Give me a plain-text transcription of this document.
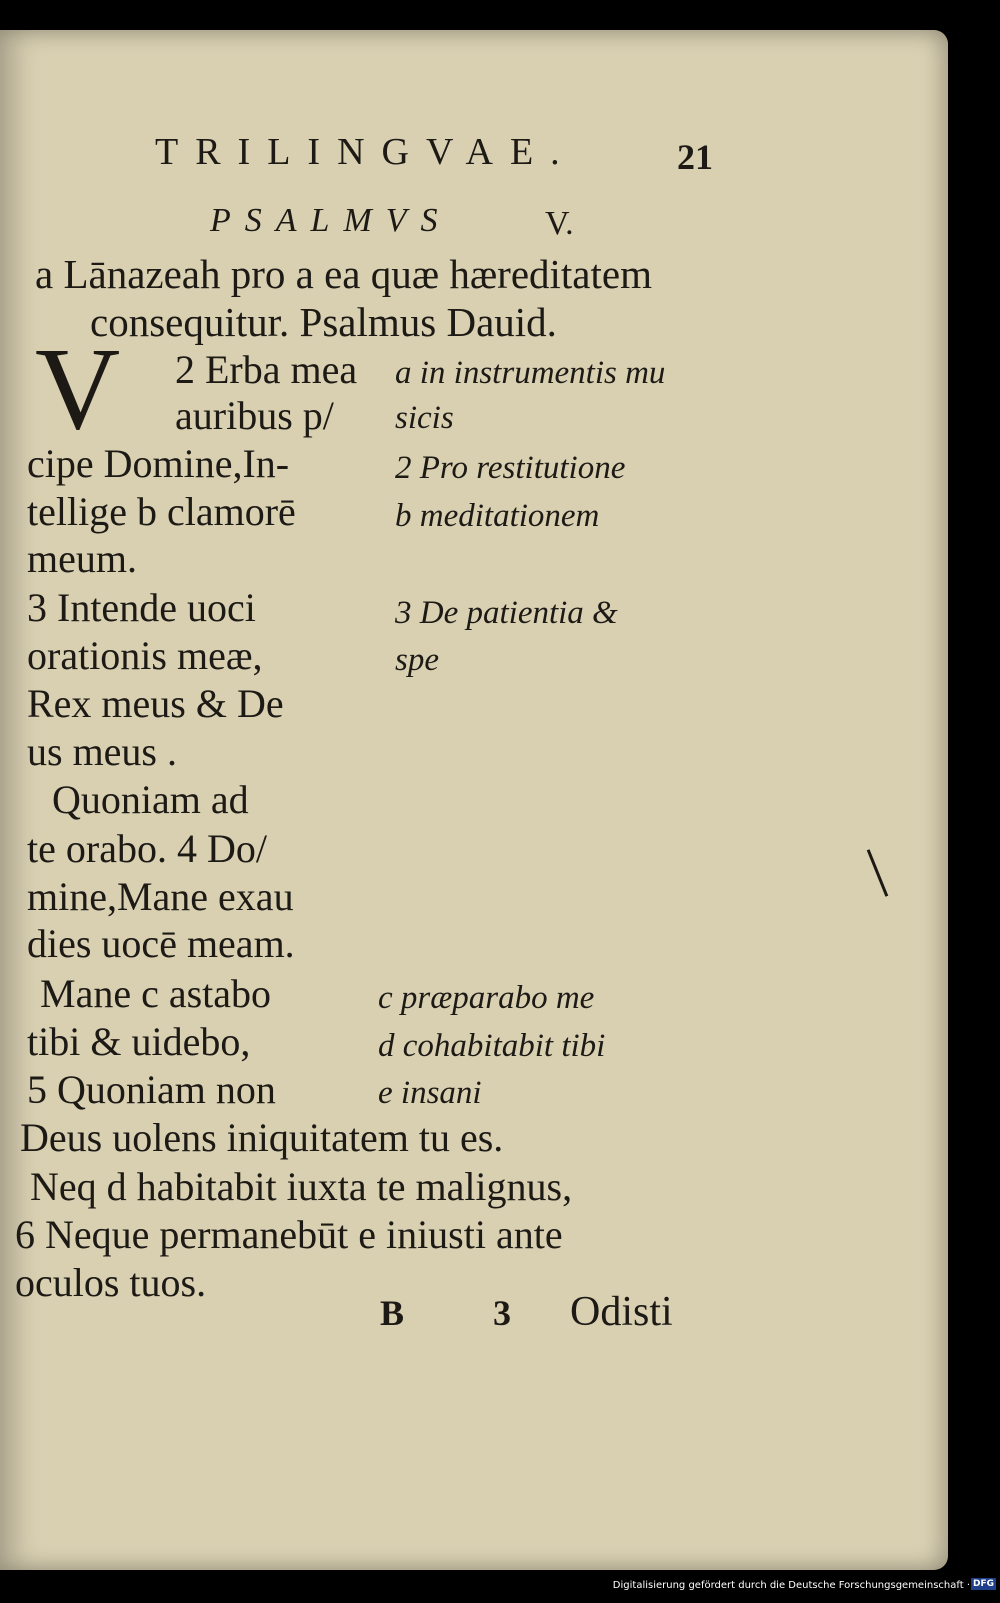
TRILINGVAE.	21

PSALMVS	V.

a Lānazeah pro a ea quæ hæreditatem

consequitur. Psalmus Dauid.

V 2 Erba mea

auribus p/

cipe Domine,In-

tellige b clamorē

meum.

3 Intende uoci

orationis meæ,

Rex meus & De

us meus .

Quoniam ad

te orabo. 4 Do/

mine,Mane exau

dies uocē meam.

Mane c astabo

tibi & uidebo,

5 Quoniam non

Deus uolens iniquitatem tu es.

Neq d habitabit iuxta te malignus,

6 Neque permanebūt e iniusti ante

oculos tuos.

a in instrumentis mu

sicis

2 Pro restitutione

b meditationem

3 De patientia &

spe

c præparabo me

d cohabitabit tibi

e insani

B 3 Odisti

Digitalisierung gefördert durch die Deutsche Forschungsgemeinschaft · DFG
